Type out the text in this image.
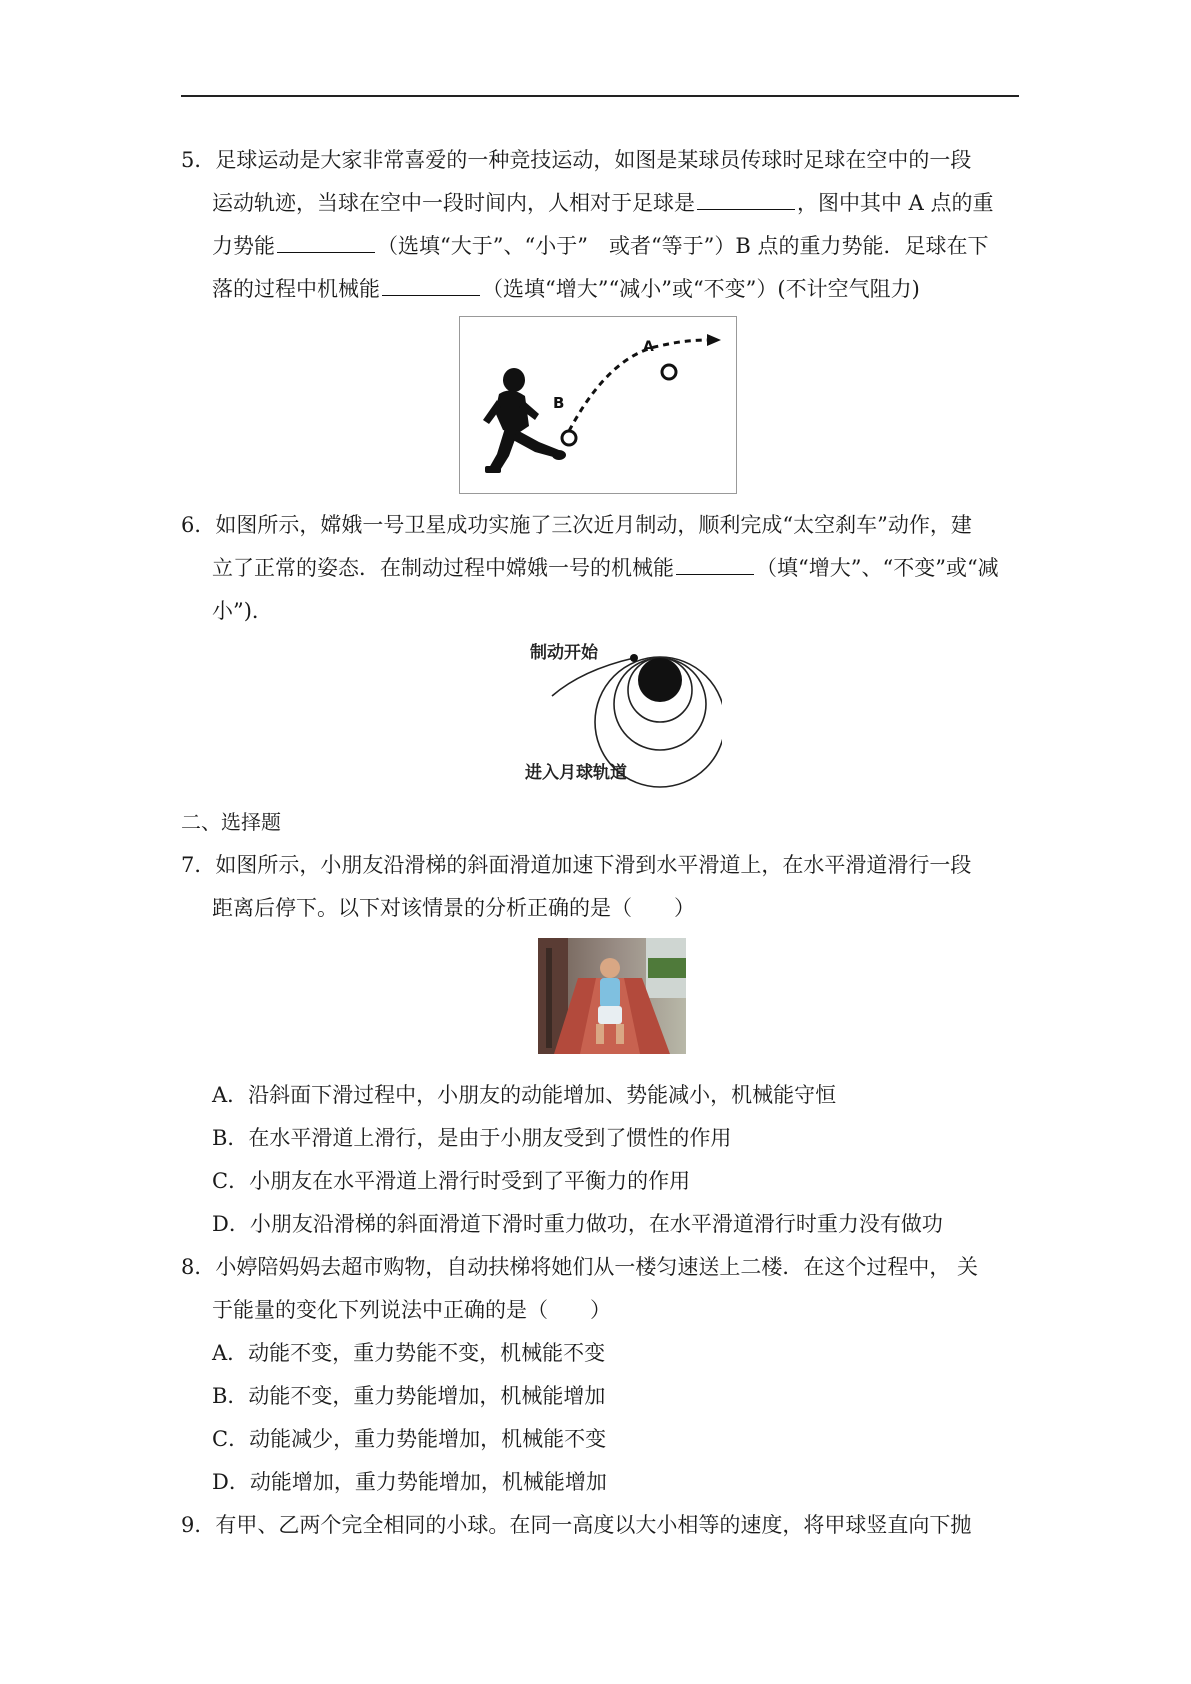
5．足球运动是大家非常喜爱的一种竞技运动，如图是某球员传球时足球在空中的一段
运动轨迹，当球在空中一段时间内，人相对于足球是	，图中其中 A 点的重
力势能	（选填“大于”、“小于”　或者“等于”）B 点的重力势能．足球在下
落的过程中机械能	（选填“增大”“减小”或“不变”）(不计空气阻力)
B
A
6．如图所示，嫦娥一号卫星成功实施了三次近月制动，顺利完成“太空刹车”动作，建
立了正常的姿态．在制动过程中嫦娥一号的机械能	（填“增大”、“不变”或“减
小”)．
制动开始
进入月球轨道
二、选择题
7．如图所示，小朋友沿滑梯的斜面滑道加速下滑到水平滑道上，在水平滑道滑行一段
距离后停下。以下对该情景的分析正确的是（　　）
A．沿斜面下滑过程中，小朋友的动能增加、势能减小，机械能守恒
B．在水平滑道上滑行，是由于小朋友受到了惯性的作用
C．小朋友在水平滑道上滑行时受到了平衡力的作用
D．小朋友沿滑梯的斜面滑道下滑时重力做功，在水平滑道滑行时重力没有做功
8．小婷陪妈妈去超市购物，自动扶梯将她们从一楼匀速送上二楼．在这个过程中， 关
于能量的变化下列说法中正确的是（　　）
A．动能不变，重力势能不变，机械能不变
B．动能不变，重力势能增加，机械能增加
C．动能减少，重力势能增加，机械能不变
D．动能增加，重力势能增加，机械能增加
9．有甲、乙两个完全相同的小球。在同一高度以大小相等的速度，将甲球竖直向下抛
